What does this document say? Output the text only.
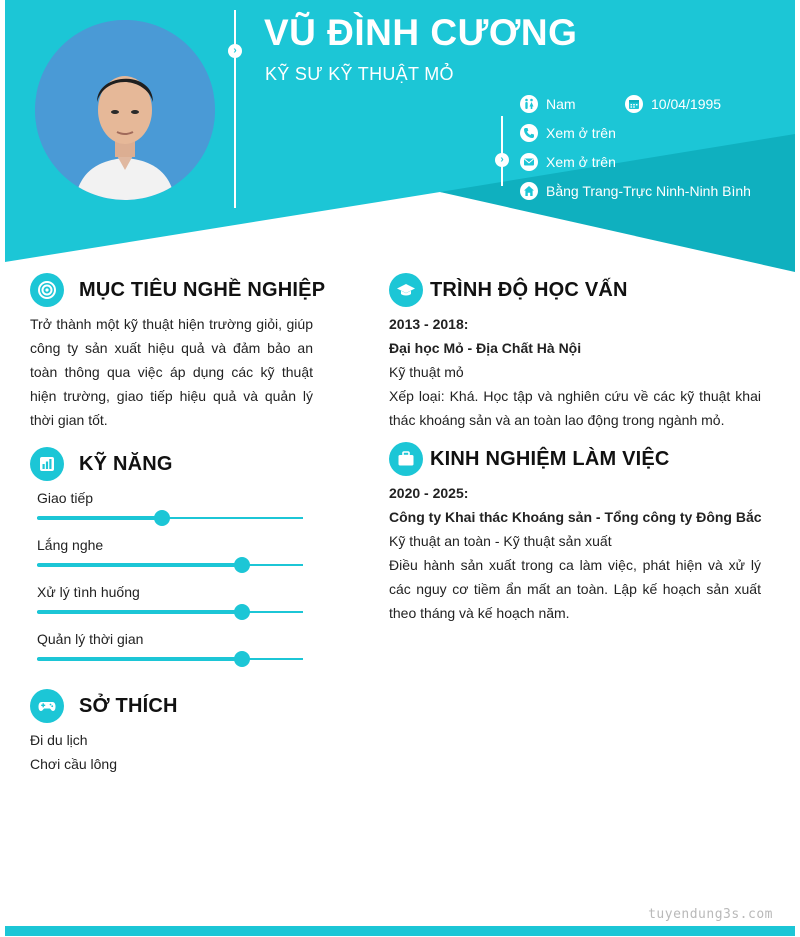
› VŨ ĐÌNH CƯƠNG
KỸ SƯ KỸ THUẬT MỎ
›
Nam	10/04/1995
Xem ở trên
Xem ở trên
Bằng Trang-Trực Ninh-Ninh Bình
MỤC TIÊU NGHỀ NGHIỆP
Trở thành một kỹ thuật hiện trường giỏi, giúp công ty sản xuất hiệu quả và đảm bảo an toàn thông qua việc áp dụng các kỹ thuật hiện trường, giao tiếp hiệu quả và quản lý thời gian tốt.
KỸ NĂNG
Giao tiếp
Lắng nghe
Xử lý tình huống
Quản lý thời gian
SỞ THÍCH
Đi du lịch
Chơi cầu lông
TRÌNH ĐỘ HỌC VẤN
2013 - 2018:
Đại học Mỏ - Địa Chất Hà Nội
Kỹ thuật mỏ
Xếp loại: Khá. Học tập và nghiên cứu về các kỹ thuật khai thác khoáng sản và an toàn lao động trong ngành mỏ.
KINH NGHIỆM LÀM VIỆC
2020 - 2025:
Công ty Khai thác Khoáng sản - Tổng công ty Đông Bắc
Kỹ thuật an toàn - Kỹ thuật sản xuất
Điều hành sản xuất trong ca làm việc, phát hiện và xử lý các nguy cơ tiềm ẩn mất an toàn. Lập kế hoạch sản xuất theo tháng và kế hoạch năm.
tuyendung3s.com
